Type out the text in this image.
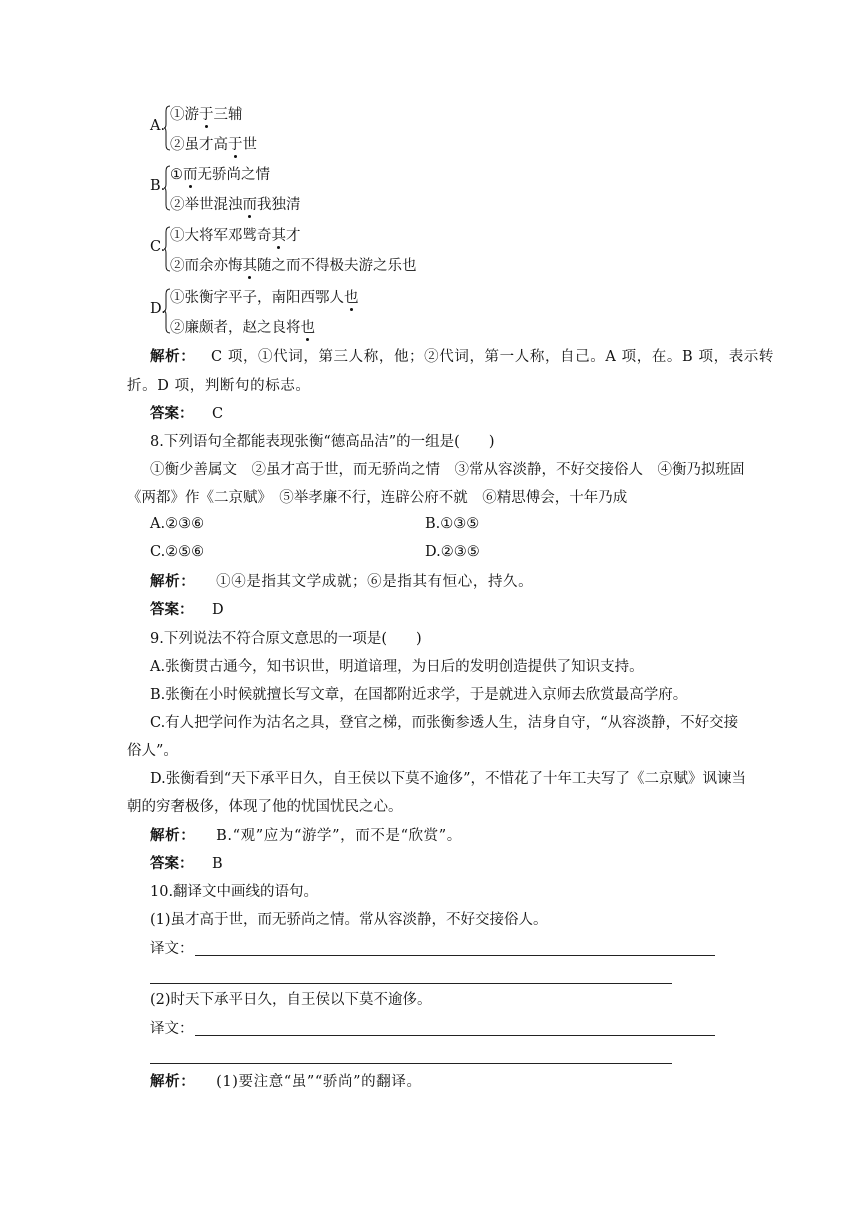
A.
①游于三辅
②虽才高于世
B.
①而无骄尚之情
②举世混浊而我独清
C.
①大将军邓骘奇其才
②而余亦悔其随之而不得极夫游之乐也
D.
①张衡字平子，南阳西鄂人也
②廉颇者，赵之良将也
解析： C 项，①代词，第三人称，他；②代词，第一人称，自己。A 项，在。B 项，表示转
折。D 项，判断句的标志。
答案： C
8.下列语句全都能表现张衡“德高品洁”的一组是(　　)
①衡少善属文　②虽才高于世，而无骄尚之情　③常从容淡静，不好交接俗人　④衡乃拟班固
《两都》作《二京赋》　⑤举孝廉不行，连辟公府不就　⑥精思傅会，十年乃成
A.②③⑥	B.①③⑤
C.②⑤⑥	D.②③⑤
解析： ①④是指其文学成就；⑥是指其有恒心，持久。
答案： D
9.下列说法不符合原文意思的一项是(　　)
A.张衡贯古通今，知书识世，明道谙理，为日后的发明创造提供了知识支持。
B.张衡在小时候就擅长写文章，在国都附近求学，于是就进入京师去欣赏最高学府。
C.有人把学问作为沽名之具，登官之梯，而张衡参透人生，洁身自守，“从容淡静，不好交接
俗人”。
D.张衡看到“天下承平日久，自王侯以下莫不逾侈”，不惜花了十年工夫写了《二京赋》讽谏当
朝的穷奢极侈，体现了他的忧国忧民之心。
解析： B.“观”应为“游学”，而不是“欣赏”。
答案： B
10.翻译文中画线的语句。
(1)虽才高于世，而无骄尚之情。常从容淡静，不好交接俗人。
译文：
(2)时天下承平日久，自王侯以下莫不逾侈。
译文：
解析： (1)要注意“虽”“骄尚”的翻译。
